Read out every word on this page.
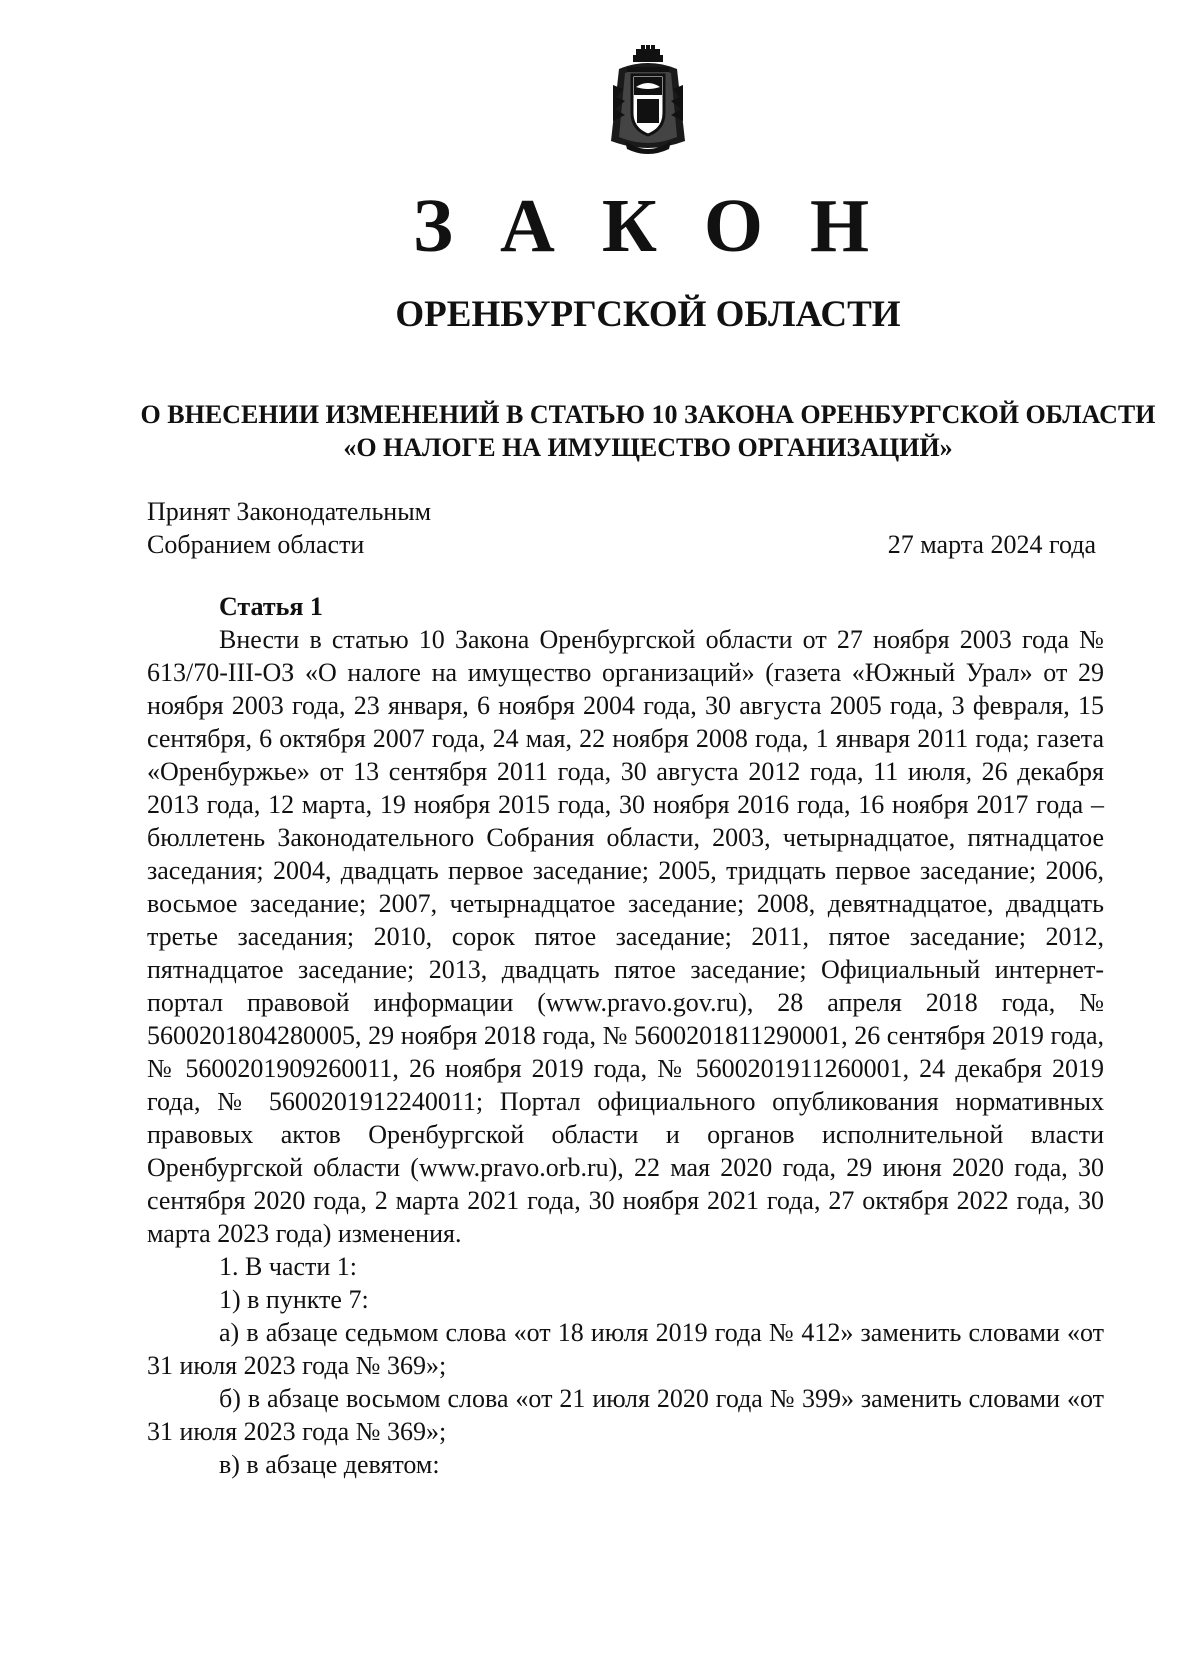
З А К О Н
ОРЕНБУРГСКОЙ ОБЛАСТИ
О ВНЕСЕНИИ ИЗМЕНЕНИЙ В СТАТЬЮ 10 ЗАКОНА ОРЕНБУРГСКОЙ ОБЛАСТИ «О НАЛОГЕ НА ИМУЩЕСТВО ОРГАНИЗАЦИЙ»
Принят Законодательным
Собранием области	27 марта 2024 года

Статья 1

Внести в статью 10 Закона Оренбургской области от 27 ноября 2003 года № 613/70-III-ОЗ «О налоге на имущество организаций» (газета «Южный Урал» от 29 ноября 2003 года, 23 января, 6 ноября 2004 года, 30 августа 2005 года, 3 февраля, 15 сентября, 6 октября 2007 года, 24 мая, 22 ноября 2008 года, 1 января 2011 года; газета «Оренбуржье» от 13 сентября 2011 года, 30 августа 2012 года, 11 июля, 26 декабря 2013 года, 12 марта, 19 ноября 2015 года, 30 ноября 2016 года, 16 ноября 2017 года – бюллетень Законодательного Собрания области, 2003, четырнадцатое, пятнадцатое заседания; 2004, двадцать первое заседание; 2005, тридцать первое заседание; 2006, восьмое заседание; 2007, четырнадцатое заседание; 2008, девятнадцатое, двадцать третье заседания; 2010, сорок пятое заседание; 2011, пятое заседание; 2012, пятнадцатое заседание; 2013, двадцать пятое заседание; Официальный интернет-портал правовой информации (www.pravo.gov.ru), 28 апреля 2018 года, № 5600201804280005, 29 ноября 2018 года, № 5600201811290001, 26 сентября 2019 года, № 5600201909260011, 26 ноября 2019 года, № 5600201911260001, 24 декабря 2019 года, № 5600201912240011; Портал официального опубликования нормативных правовых актов Оренбургской области и органов исполнительной власти Оренбургской области (www.pravo.orb.ru), 22 мая 2020 года, 29 июня 2020 года, 30 сентября 2020 года, 2 марта 2021 года, 30 ноября 2021 года, 27 октября 2022 года, 30 марта 2023 года) изменения.

1. В части 1:

1) в пункте 7:

а) в абзаце седьмом слова «от 18 июля 2019 года № 412» заменить словами «от 31 июля 2023 года № 369»;

б) в абзаце восьмом слова «от 21 июля 2020 года № 399» заменить словами «от 31 июля 2023 года № 369»;

в) в абзаце девятом:
